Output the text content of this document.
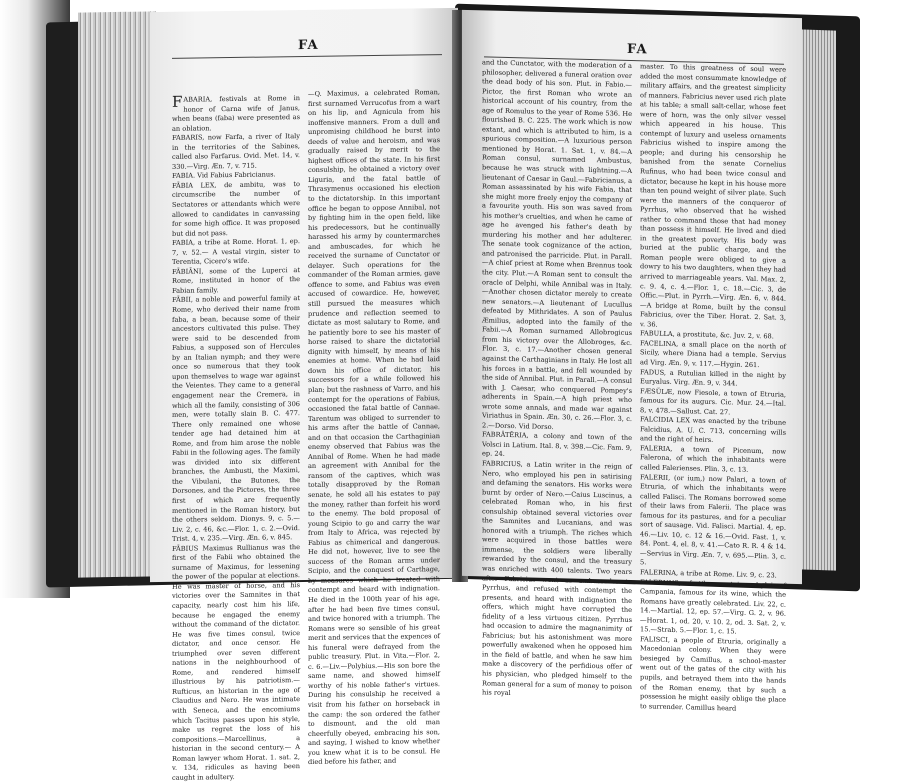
FA

FABARIA, festivals at Rome in honor of Carna wife of Janus, when beans (faba) were presented as an oblation.

FABARIS, now Farfa, a river of Italy in the territories of the Sabines, called also Farfarus. Ovid. Met. 14, v. 330.—Virg. Æn. 7, v. 715.

FABIA. Vid Fabius Fabricianus.

FĀBIA LEX, de ambitu, was to circumscribe the number of Sectatores or attendants which were allowed to candidates in canvassing for some high office. It was proposed but did not pass.

FABIA, a tribe at Rome. Horat. 1, ep. 7, v. 52.— A vestal virgin, sister to Terentia, Cicero's wife.

FĀBIĀNI, some of the Luperci at Rome, instituted in honor of the Fabian family.

FĀBII, a noble and powerful family at Rome, who derived their name from faba, a bean, because some of their ancestors cultivated this pulse. They were said to be descended from Fabius, a supposed son of Hercules by an Italian nymph; and they were once so numerous that they took upon themselves to wage war against the Veientes. They came to a general engagement near the Cremera, in which all the family, consisting of 306 men, were totally slain B. C. 477. There only remained one whose tender age had detained him at Rome, and from him arose the noble Fabii in the following ages. The family was divided into six different branches, the Ambusti, the Maximi, the Vibulani, the Butones, the Dorsones, and the Pictores, the three first of which are frequently mentioned in the Roman history, but the others seldom. Dionys. 9, c. 5.—Liv. 2, c. 46, &c.—Flor. 1, c. 2.—Ovid. Trist. 4, v. 235.—Virg. Æn. 6, v. 845.

FĀBIUS Maximus Rullianus was the first of the Fabii who obtained the surname of Maximus, for lessening the power of the popular at elections. He was master of horse, and his victories over the Samnites in that capacity, nearly cost him his life, because he engaged the enemy without the command of the dictator. He was five times consul, twice dictator, and once censor. He triumphed over seven different nations in the neighbourhood of Rome, and rendered himself illustrious by his patriotism.—Rufticus, an historian in the age of Claudius and Nero. He was intimate with Seneca, and the encomiums which Tacitus passes upon his style, make us regret the loss of his compositions.—Marcellinus, a historian in the second century.— A Roman lawyer whom Horat. 1. sat. 2, v. 134, ridicules as having been caught in adultery.

—Q. Maximus, a celebrated Roman, first surnamed Verrucofus from a wart on his lip, and Agnicula from his inoffensive manners. From a dull and unpromising childhood he burst into deeds of value and heroism, and was gradually raised by merit to the highest offices of the state. In his first consulship, he obtained a victory over Liguria, and the fatal battle of Thrasymenus occasioned his election to the dictatorship. In this important office he began to oppose Annibal, not by fighting him in the open field, like his predecessors, but he continually harassed his army by countermarches and ambuscades, for which he received the surname of Cunctator or delayer. Such operations for the commander of the Roman armies, gave offence to some, and Fabius was even accused of cowardice. He, however, still pursued the measures which prudence and reflection seemed to dictate as most salutary to Rome, and he patiently bore to see his master of horse raised to share the dictatorial dignity with himself, by means of his enemies at home. When he had laid down his office of dictator, his successors for a while followed his plan; but the rashness of Varro, and his contempt for the operations of Fabius, occasioned the fatal battle of Cannae. Tarentum was obliged to surrender to his arms after the battle of Cannae, and on that occasion the Carthaginian enemy observed that Fabius was the Annibal of Rome. When he had made an agreement with Annibal for the ransom of the captives, which was totally disapproved by the Roman senate, he sold all his estates to pay the money, rather than forfeit his word to the enemy. The bold proposal of young Scipio to go and carry the war from Italy to Africa, was rejected by Fabius as chimerical and dangerous. He did not, however, live to see the success of the Roman arms under Scipio, and the conquest of Carthage, by measures which he treated with contempt and heard with indignation. He died in the 100th year of his age, after he had been five times consul, and twice honored with a triumph. The Romans were so sensible of his great merit and services that the expences of his funeral were defrayed from the public treasury. Plut. in Vita.—Flor. 2, c. 6.—Liv.—Polybius.—His son bore the same name, and showed himself worthy of his noble father's virtues. During his consulship he received a visit from his father on horseback in the camp: the son ordered the father to dismount, and the old man cheerfully obeyed, embracing his son, and saying, I wished to know whether you knew what it is to be consul. He died before his father, and

FA

and the Cunctator, with the moderation of a philosopher, delivered a funeral oration over the dead body of his son. Plut. in Fabio.—Pictor, the first Roman who wrote an historical account of his country, from the age of Romulus to the year of Rome 536. He flourished B. C. 225. The work which is now extant, and which is attributed to him, is a spurious composition.—A luxurious person mentioned by Horat. 1. Sat. 1, v. 84.—A Roman consul, surnamed Ambustus, because he was struck with lightning.—A lieutenant of Caesar in Gaul.—Fabricianus, a Roman assassinated by his wife Fabia, that she might more freely enjoy the company of a favourite youth. His son was saved from his mother's cruelties, and when he came of age he avenged his father's death by murdering his mother and her adulterer. The senate took cognizance of the action, and patronised the parricide. Plut. in Parall.—A chief priest at Rome when Brennus took the city. Plut.—A Roman sent to consult the oracle of Delphi, while Annibal was in Italy.—Another chosen dictator merely to create new senators.—A lieutenant of Lucullus defeated by Mithridates. A son of Paulus Æmilius, adopted into the family of the Fabii.—A Roman surnamed Allobrogicus from his victory over the Allobroges, &c. Flor. 3, c. 17.—Another chosen general against the Carthaginians in Italy. He lost all his forces in a battle, and fell wounded by the side of Annibal. Plut. in Parall.—A consul with J. Caesar, who conquered Pompey's adherents in Spain.—A high priest who wrote some annals, and made war against Viriathus in Spain. Æn. 30, c. 26.—Flor. 3, c. 2.—Dorso. Vid Dorso.

FABRĀTĒRIA, a colony and town of the Volsci in Latium. Ital. 8, v. 398.—Cic. Fam. 9, ep. 24.

FABRICIUS, a Latin writer in the reign of Nero, who employed his pen in satirising and defaming the senators. His works were burnt by order of Nero.—Caius Luscinus, a celebrated Roman who, in his first consulship obtained several victories over the Samnites and Lucanians, and was honored with a triumph. The riches which were acquired in those battles were immense, the soldiers were liberally rewarded by the consul, and the treasury was enriched with 400 talents. Two years after Fabricius went as ambassador to Pyrrhus, and refused with contempt the presents, and heard with indignation the offers, which might have corrupted the fidelity of a less virtuous citizen. Pyrrhus had occasion to admire the magnanimity of Fabricius; but his astonishment was more powerfully awakened when he opposed him in the field of battle, and when he saw him make a discovery of the perfidious offer of his physician, who pledged himself to the Roman general for a sum of money to poison his royal

master. To this greatness of soul were added the most consummate knowledge of military affairs, and the greatest simplicity of manners. Fabricius never used rich plate at his table; a small salt-cellar, whose feet were of horn, was the only silver vessel which appeared in his house. This contempt of luxury and useless ornaments Fabricius wished to inspire among the people; and during his censorship he banished from the senate Cornelius Rufinus, who had been twice consul and dictator, because he kept in his house more than ten pound weight of silver plate. Such were the manners of the conqueror of Pyrrhus, who observed that he wished rather to command those that had money than possess it himself. He lived and died in the greatest poverty. His body was buried at the public charge, and the Roman people were obliged to give a dowry to his two daughters, when they had arrived to marriageable years. Val. Max. 2, c. 9. 4, c. 4.—Flor. 1, c. 18.—Cic. 3, de Offic.—Plut. in Pyrrh.—Virg. Æn. 6, v. 844.—A bridge at Rome, built by the consul Fabricius, over the Tiber. Horat. 2. Sat. 3, v. 36.

FABULLA, a prostitute, &c. Juv. 2, v. 68.

FACELINA, a small place on the north of Sicily, where Diana had a temple. Servius ad Virg. Æn. 9, v. 117.—Hygin. 261.

FADUS, a Rutulian killed in the night by Euryalus. Virg. Æn. 9, v. 344.

FÆSŬLÆ, now Fiesole, a town of Etruria, famous for its augurs. Cic. Mur. 24.—Ital. 8, v. 478.—Sallust. Cat. 27.

FALCIDIA LEX was enacted by the tribune Falcidius, A. U. C. 713, concerning wills and the right of heirs.

FALERIA, a town of Picenum, now Falerona, of which the inhabitants were called Falerienses. Plin. 3, c. 13.

FALERII, (or ium,) now Palari, a town of Etruria, of which the inhabitants were called Falisci. The Romans borrowed some of their laws from Falerii. The place was famous for its pastures, and for a peculiar sort of sausage. Vid. Falisci. Martial. 4, ep. 46.—Liv. 10, c. 12 & 16.—Ovid. Fast. 1, v. 84. Pont. 4, el. 8, v. 41.—Cato R. R. 4 & 14.—Servius in Virg. Æn. 7, v. 695.—Plin. 3, c. 5.

FALERINA, a tribe at Rome. Liv. 9, c. 23.

FALERNUS, a fertile mountain and plain of Campania, famous for its wine, which the Romans have greatly celebrated. Liv. 22, c. 14.—Martial. 12, ep. 57.—Virg. G. 2, v. 96.—Horat. 1, od. 20, v. 10. 2, od. 3. Sat. 2, v. 15.—Strab. 5.—Flor. 1, c. 15.

FALISCI, a people of Etruria, originally a Macedonian colony. When they were besieged by Camillus, a school-master went out of the gates of the city with his pupils, and betrayed them into the hands of the Roman enemy, that by such a possession he might easily oblige the place to surrender. Camillus heard
